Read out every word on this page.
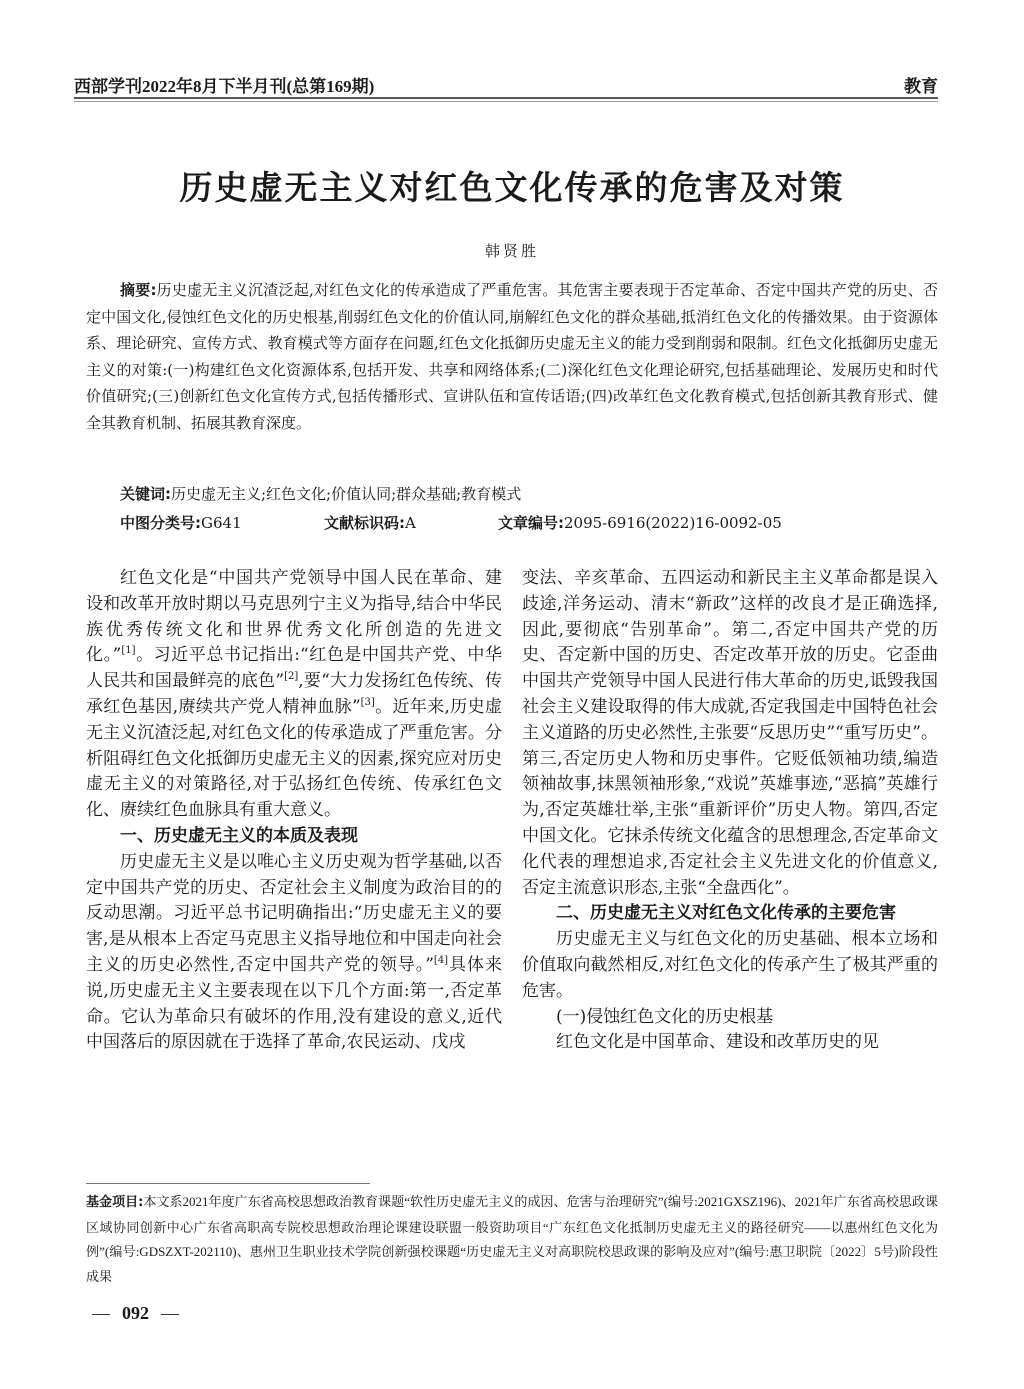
西部学刊2022年8月下半月刊(总第169期)	教育
历史虚无主义对红色文化传承的危害及对策
韩贤胜
摘要:历史虚无主义沉渣泛起,对红色文化的传承造成了严重危害。其危害主要表现于否定革命、否定中国共产党的历史、否定中国文化,侵蚀红色文化的历史根基,削弱红色文化的价值认同,崩解红色文化的群众基础,抵消红色文化的传播效果。由于资源体系、理论研究、宣传方式、教育模式等方面存在问题,红色文化抵御历史虚无主义的能力受到削弱和限制。红色文化抵御历史虚无主义的对策:(一)构建红色文化资源体系,包括开发、共享和网络体系;(二)深化红色文化理论研究,包括基础理论、发展历史和时代价值研究;(三)创新红色文化宣传方式,包括传播形式、宣讲队伍和宣传话语;(四)改革红色文化教育模式,包括创新其教育形式、健全其教育机制、拓展其教育深度。
关键词:历史虚无主义;红色文化;价值认同;群众基础;教育模式
中图分类号:G641	文献标识码:A	文章编号:2095-6916(2022)16-0092-05

红色文化是“中国共产党领导中国人民在革命、建设和改革开放时期以马克思列宁主义为指导,结合中华民族优秀传统文化和世界优秀文化所创造的先进文化。”[1]。习近平总书记指出:“红色是中国共产党、中华人民共和国最鲜亮的底色”[2],要“大力发扬红色传统、传承红色基因,赓续共产党人精神血脉”[3]。近年来,历史虚无主义沉渣泛起,对红色文化的传承造成了严重危害。分析阻碍红色文化抵御历史虚无主义的因素,探究应对历史虚无主义的对策路径,对于弘扬红色传统、传承红色文化、赓续红色血脉具有重大意义。

一、历史虚无主义的本质及表现

历史虚无主义是以唯心主义历史观为哲学基础,以否定中国共产党的历史、否定社会主义制度为政治目的的反动思潮。习近平总书记明确指出:“历史虚无主义的要害,是从根本上否定马克思主义指导地位和中国走向社会主义的历史必然性,否定中国共产党的领导。”[4]具体来说,历史虚无主义主要表现在以下几个方面:第一,否定革命。它认为革命只有破坏的作用,没有建设的意义,近代中国落后的原因就在于选择了革命,农民运动、戊戌

变法、辛亥革命、五四运动和新民主主义革命都是误入歧途,洋务运动、清末“新政”这样的改良才是正确选择,因此,要彻底“告别革命”。第二,否定中国共产党的历史、否定新中国的历史、否定改革开放的历史。它歪曲中国共产党领导中国人民进行伟大革命的历史,诋毁我国社会主义建设取得的伟大成就,否定我国走中国特色社会主义道路的历史必然性,主张要“反思历史”“重写历史”。第三,否定历史人物和历史事件。它贬低领袖功绩,编造领袖故事,抹黑领袖形象,“戏说”英雄事迹,“恶搞”英雄行为,否定英雄壮举,主张“重新评价”历史人物。第四,否定中国文化。它抹杀传统文化蕴含的思想理念,否定革命文化代表的理想追求,否定社会主义先进文化的价值意义,否定主流意识形态,主张“全盘西化”。

二、历史虚无主义对红色文化传承的主要危害

历史虚无主义与红色文化的历史基础、根本立场和价值取向截然相反,对红色文化的传承产生了极其严重的危害。

(一)侵蚀红色文化的历史根基

红色文化是中国革命、建设和改革历史的见

基金项目:本文系2021年度广东省高校思想政治教育课题“软性历史虚无主义的成因、危害与治理研究”(编号:2021GXSZ196)、2021年广东省高校思政课区域协同创新中心广东省高职高专院校思想政治理论课建设联盟一般资助项目“广东红色文化抵制历史虚无主义的路径研究——以惠州红色文化为例”(编号:GDSZXT-202110)、惠州卫生职业技术学院创新强校课题“历史虚无主义对高职院校思政课的影响及应对”(编号:惠卫职院〔2022〕5号)阶段性成果
— 092 —
